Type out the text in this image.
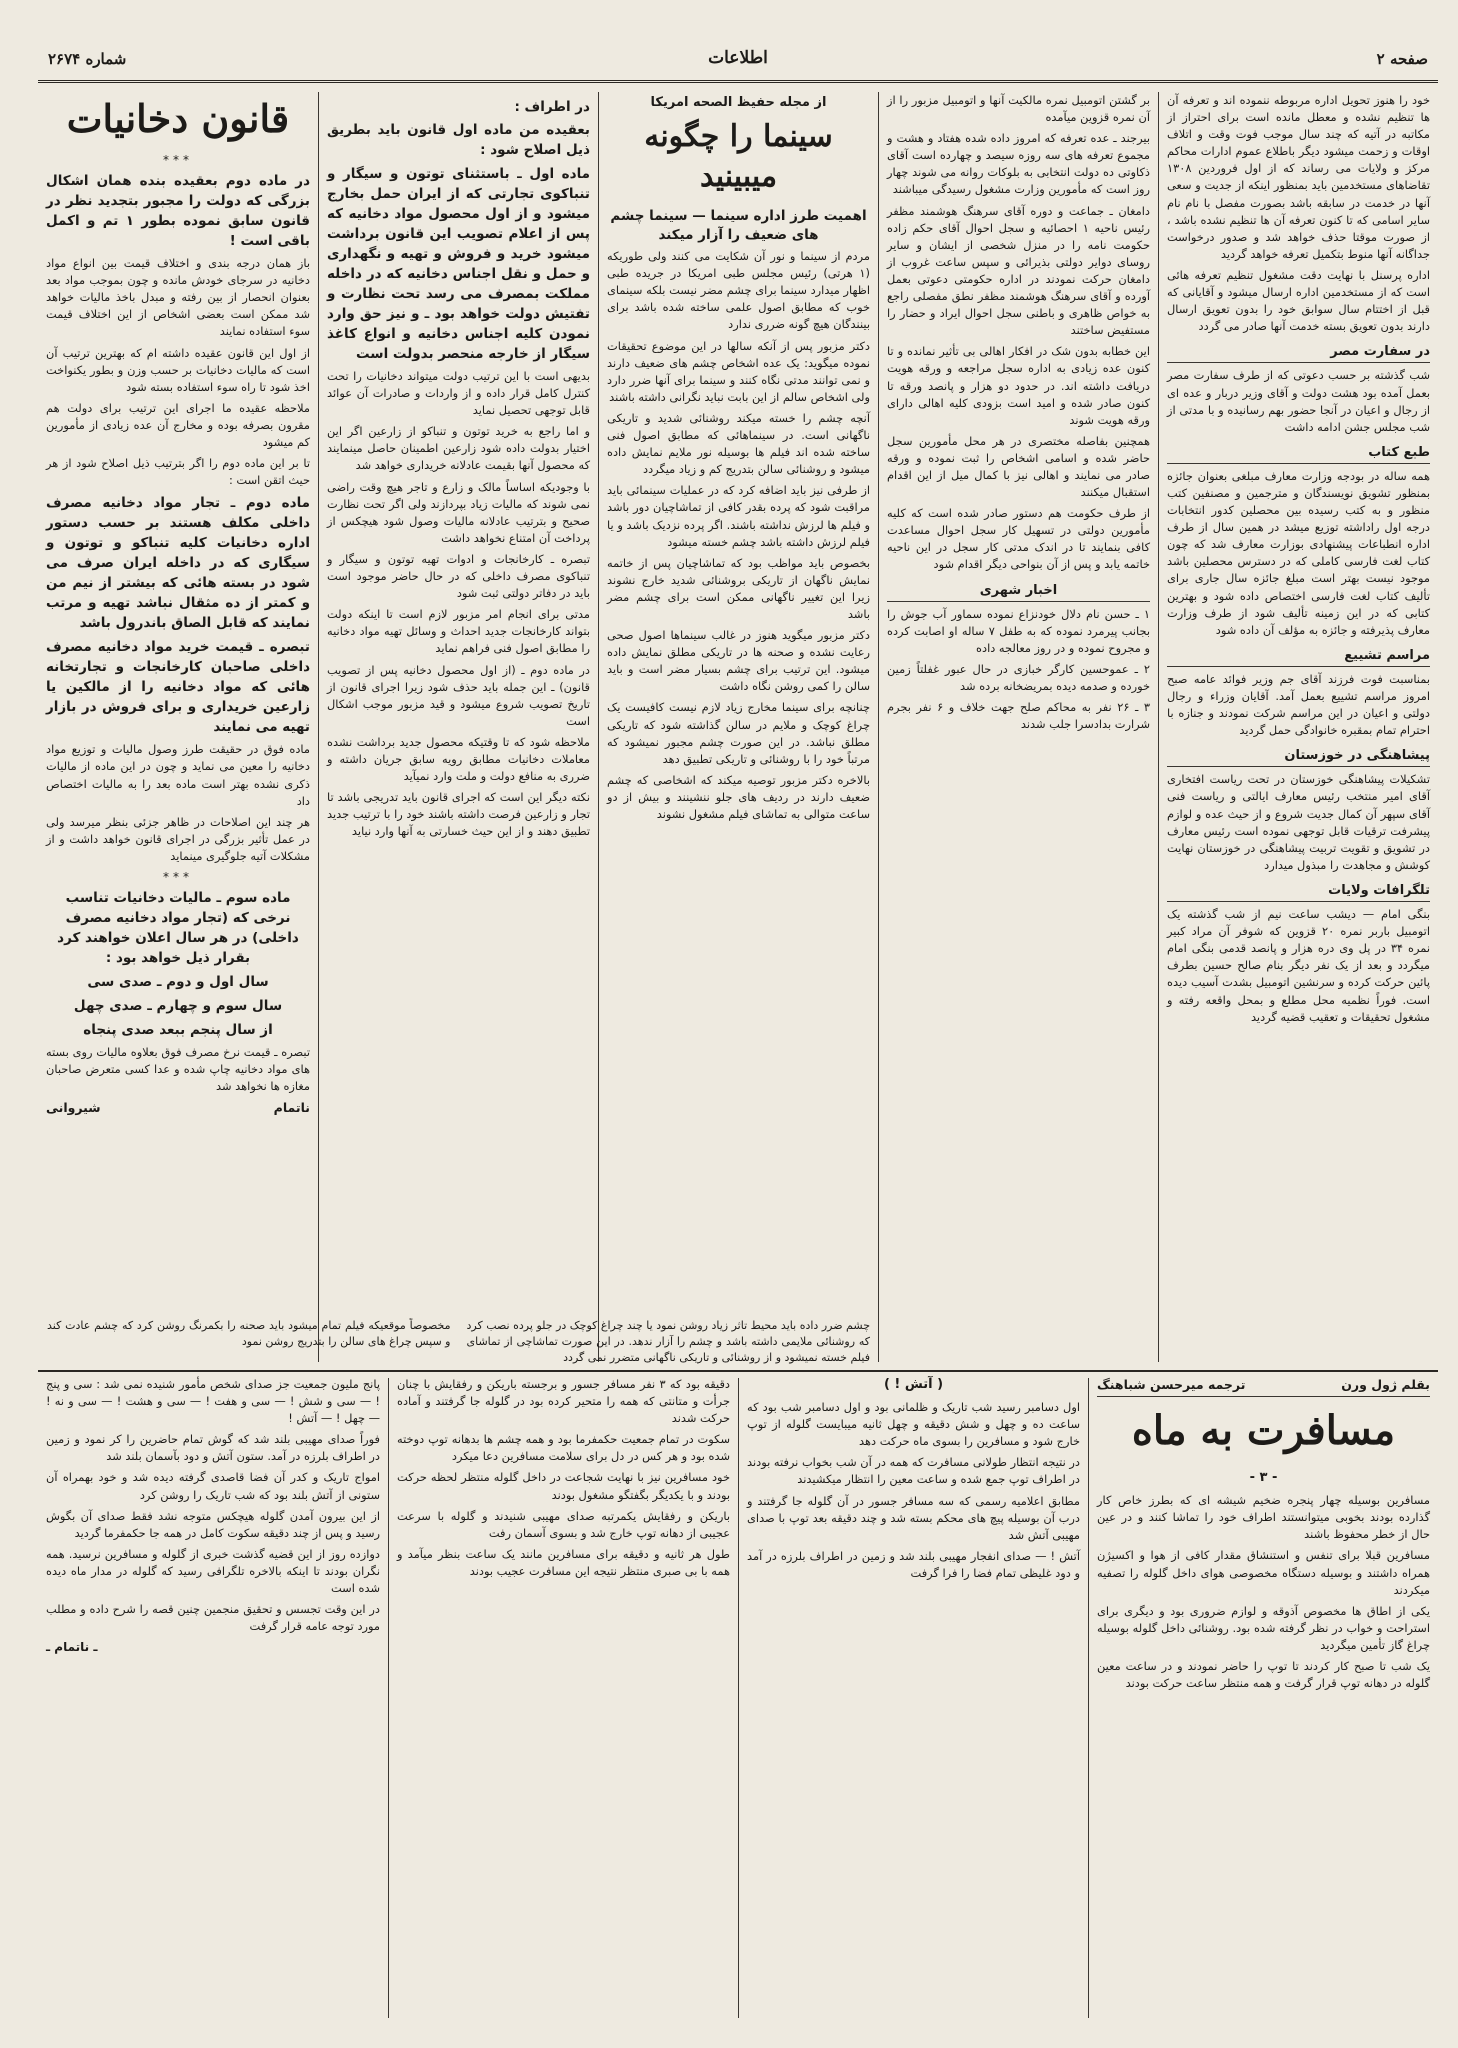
صفحه ۲
اطلاعات
شماره ۲۶۷۴

خود را هنوز تحویل اداره مربوطه ننموده اند و تعرفه آن ها تنظیم نشده و معطل مانده است برای احتراز از مکاتبه در آتیه که چند سال موجب فوت وقت و اتلاف اوقات و زحمت میشود دیگر باطلاع عموم ادارات محاکم مرکز و ولایات می رساند که از اول فروردین ۱۳۰۸ تقاضاهای مستخدمین باید بمنظور اینکه از جدیت و سعی آنها در خدمت در سابقه باشد بصورت مفصل با نام نام سایر اسامی که تا کنون تعرفه آن ها تنظیم نشده باشد ، از صورت موقتا حذف خواهد شد و صدور درخواست جداگانه آنها منوط بتکمیل تعرفه خواهد گردید

اداره پرسنل با نهایت دقت مشغول تنظیم تعرفه هائی است که از مستخدمین اداره ارسال میشود و آقایانی که قبل از اختتام سال سوابق خود را بدون تعویق ارسال دارند بدون تعویق بسته خدمت آنها صادر می گردد

در سفارت مصر

شب گذشته بر حسب دعوتی که از طرف سفارت مصر بعمل آمده بود هشت دولت و آقای وزیر دربار و عده ای از رجال و اعیان در آنجا حضور بهم رسانیده و با مدتی از شب مجلس جشن ادامه داشت

طبع کتاب

همه ساله در بودجه وزارت معارف مبلغی بعنوان جائزه بمنظور تشویق نویسندگان و مترجمین و مصنفین کتب منظور و به کتب رسیده بین محصلین کدور انتخابات درجه اول راداشته توزیع میشد در همین سال از طرف اداره انطباعات پیشنهادی بوزارت معارف شد که چون کتاب لغت فارسی کاملی که در دسترس محصلین باشد موجود نیست بهتر است مبلغ جائزه سال جاری برای تألیف کتاب لغت فارسی اختصاص داده شود و بهترین کتابی که در این زمینه تألیف شود از طرف وزارت معارف پذیرفته و جائزه به مؤلف آن داده شود

مراسم تشییع

بمناسبت فوت فرزند آقای جم وزیر فوائد عامه صبح امروز مراسم تشییع بعمل آمد. آقایان وزراء و رجال دولتی و اعیان در این مراسم شرکت نمودند و جنازه با احترام تمام بمقبره خانوادگی حمل گردید

پیشاهنگی در خوزستان

تشکیلات پیشاهنگی خوزستان در تحت ریاست افتخاری آقای امیر منتخب رئیس معارف ایالتی و ریاست فنی آقای سپهر آن کمال جدیت شروع و از حیث عده و لوازم پیشرفت ترقیات قابل توجهی نموده است رئیس معارف در تشویق و تقویت تربیت پیشاهنگی در خوزستان نهایت کوشش و مجاهدت را مبذول میدارد

تلگرافات ولایات

بنگی امام — دیشب ساعت نیم از شب گذشته یک اتومبیل باربر نمره ۲۰ قزوین که شوفر آن مراد کبیر نمره ۳۴ در پل وی دره هزار و پانصد قدمی بنگی امام میگردد و بعد از یک نفر دیگر بنام صالح حسین بطرف پائین حرکت کرده و سرنشین اتومبیل بشدت آسیب دیده است. فوراً نظمیه محل مطلع و بمحل واقعه رفته و مشغول تحقیقات و تعقیب قضیه گردید

بر گشتن اتومبیل نمره مالکیت آنها و اتومبیل مزبور را از آن نمره قزوین میآمده

بیرجند ـ عده تعرفه که امروز داده شده هفتاد و هشت و مجموع تعرفه های سه روزه سیصد و چهارده است آقای ذکاوتی ده دولت انتخابی به بلوکات روانه می شوند چهار روز است که مأمورین وزارت مشغول رسیدگی میباشند

دامغان ـ جماعت و دوره آقای سرهنگ هوشمند مظفر رئیس ناحیه ۱ احصائیه و سجل احوال آقای حکم زاده حکومت نامه را در منزل شخصی از ایشان و سایر روسای دوایر دولتی بذیرائی و سپس ساعت غروب از دامغان حرکت نمودند در اداره حکومتی دعوتی بعمل آورده و آقای سرهنگ هوشمند مظفر نطق مفصلی راجع به خواص ظاهری و باطنی سجل احوال ایراد و حضار را مستفیض ساختند

این خطابه بدون شک در افکار اهالی بی تأثیر نمانده و تا کنون عده زیادی به اداره سجل مراجعه و ورقه هویت دریافت داشته اند. در حدود دو هزار و پانصد ورقه تا کنون صادر شده و امید است بزودی کلیه اهالی دارای ورقه هویت شوند

همچنین بفاصله مختصری در هر محل مأمورین سجل حاضر شده و اسامی اشخاص را ثبت نموده و ورقه صادر می نمایند و اهالی نیز با کمال میل از این اقدام استقبال میکنند

از طرف حکومت هم دستور صادر شده است که کلیه مأمورین دولتی در تسهیل کار سجل احوال مساعدت کافی بنمایند تا در اندک مدتی کار سجل در این ناحیه خاتمه یابد و پس از آن بنواحی دیگر اقدام شود

اخبار شهری

۱ ـ حسن نام دلال خودنزاع نموده سماور آب جوش را بجانب پیرمرد نموده که به طفل ۷ ساله او اصابت کرده و مجروح نموده و در روز معالجه داده

۲ ـ عموحسین کارگر خبازی در حال عبور غفلتاً زمین خورده و صدمه دیده بمریضخانه برده شد

۳ ـ ۲۶ نفر به محاکم صلح جهت خلاف و ۶ نفر بجرم شرارت بدادسرا جلب شدند

از مجله حفیظ الصحه امریکا
سینما را چگونه میبینید
اهمیت طرز اداره سینما — سینما چشم های ضعیف را آزار میکند

مردم از سینما و نور آن شکایت می کنند ولی طوریکه (۱ هرتی) رئیس مجلس طبی امریکا در جریده طبی اظهار میدارد سینما برای چشم مضر نیست بلکه سینمای خوب که مطابق اصول علمی ساخته شده باشد برای بینندگان هیچ گونه ضرری ندارد

دکتر مزبور پس از آنکه سالها در این موضوع تحقیقات نموده میگوید: یک عده اشخاص چشم های ضعیف دارند و نمی توانند مدتی نگاه کنند و سینما برای آنها ضرر دارد ولی اشخاص سالم از این بابت نباید نگرانی داشته باشند

آنچه چشم را خسته میکند روشنائی شدید و تاریکی ناگهانی است. در سینماهائی که مطابق اصول فنی ساخته شده اند فیلم ها بوسیله نور ملایم نمایش داده میشود و روشنائی سالن بتدریج کم و زیاد میگردد

از طرفی نیز باید اضافه کرد که در عملیات سینمائی باید مراقبت شود که پرده بقدر کافی از تماشاچیان دور باشد و فیلم ها لرزش نداشته باشند. اگر پرده نزدیک باشد و یا فیلم لرزش داشته باشد چشم خسته میشود

بخصوص باید مواظب بود که تماشاچیان پس از خاتمه نمایش ناگهان از تاریکی بروشنائی شدید خارج نشوند زیرا این تغییر ناگهانی ممکن است برای چشم مضر باشد

دکتر مزبور میگوید هنوز در غالب سینماها اصول صحی رعایت نشده و صحنه ها در تاریکی مطلق نمایش داده میشود. این ترتیب برای چشم بسیار مضر است و باید سالن را کمی روشن نگاه داشت

چنانچه برای سینما مخارج زیاد لازم نیست کافیست یک چراغ کوچک و ملایم در سالن گذاشته شود که تاریکی مطلق نباشد. در این صورت چشم مجبور نمیشود که مرتباً خود را با روشنائی و تاریکی تطبیق دهد

بالاخره دکتر مزبور توصیه میکند که اشخاصی که چشم ضعیف دارند در ردیف های جلو ننشینند و بیش از دو ساعت متوالی به تماشای فیلم مشغول نشوند

در اطراف :

بعقیده من ماده اول قانون باید بطریق ذیل اصلاح شود :

ماده اول ـ باستثنای توتون و سیگار و تنباکوی تجارتی که از ایران حمل بخارج میشود و از اول محصول مواد دخانیه که پس از اعلام تصویب این قانون برداشت میشود خرید و فروش و تهیه و نگهداری و حمل و نقل اجناس دخانیه که در داخله مملکت بمصرف می رسد تحت نظارت و تفتیش دولت خواهد بود ـ و نیز حق وارد نمودن کلیه اجناس دخانیه و انواع کاغذ سیگار از خارجه منحصر بدولت است

بدیهی است با این ترتیب دولت میتواند دخانیات را تحت کنترل کامل قرار داده و از واردات و صادرات آن عوائد قابل توجهی تحصیل نماید

و اما راجع به خرید توتون و تنباکو از زارعین اگر این اختیار بدولت داده شود زارعین اطمینان حاصل مینمایند که محصول آنها بقیمت عادلانه خریداری خواهد شد

با وجودیکه اساساً مالک و زارع و تاجر هیچ وقت راضی نمی شوند که مالیات زیاد بپردازند ولی اگر تحت نظارت صحیح و بترتیب عادلانه مالیات وصول شود هیچکس از پرداخت آن امتناع نخواهد داشت

تبصره ـ کارخانجات و ادوات تهیه توتون و سیگار و تنباکوی مصرف داخلی که در حال حاضر موجود است باید در دفاتر دولتی ثبت شود

مدتی برای انجام امر مزبور لازم است تا اینکه دولت بتواند کارخانجات جدید احداث و وسائل تهیه مواد دخانیه را مطابق اصول فنی فراهم نماید

در ماده دوم ـ (از اول محصول دخانیه پس از تصویب قانون) ـ این جمله باید حذف شود زیرا اجرای قانون از تاریخ تصویب شروع میشود و قید مزبور موجب اشکال است

ملاحظه شود که تا وقتیکه محصول جدید برداشت نشده معاملات دخانیات مطابق رویه سابق جریان داشته و ضرری به منافع دولت و ملت وارد نمیآید

نکته دیگر این است که اجرای قانون باید تدریجی باشد تا تجار و زارعین فرصت داشته باشند خود را با ترتیب جدید تطبیق دهند و از این حیث خسارتی به آنها وارد نیاید

قانون دخانیات
***

در ماده دوم بعقیده بنده همان اشکال بزرگی که دولت را مجبور بتجدید نظر در قانون سابق نموده بطور ۱ تم و اکمل باقی است !

باز همان درجه بندی و اختلاف قیمت بین انواع مواد دخانیه در سرجای خودش مانده و چون بموجب مواد بعد بعنوان انحصار از بین رفته و مبدل باخذ مالیات خواهد شد ممکن است بعضی اشخاص از این اختلاف قیمت سوء استفاده نمایند

از اول این قانون عقیده داشته ام که بهترین ترتیب آن است که مالیات دخانیات بر حسب وزن و بطور یکنواخت اخذ شود تا راه سوء استفاده بسته شود

ملاحظه عقیده ما اجرای این ترتیب برای دولت هم مقرون بصرفه بوده و مخارج آن عده زیادی از مأمورین کم میشود

تا بر این ماده دوم را اگر بترتیب ذیل اصلاح شود از هر حیث اتقن است :

ماده دوم ـ تجار مواد دخانیه مصرف داخلی مکلف هستند بر حسب دستور اداره دخانیات کلیه تنباکو و توتون و سیگاری که در داخله ایران صرف می شود در بسته هائی که بیشتر از نیم من و کمتر از ده مثقال نباشد تهیه و مرتب نمایند که قابل الصاق باندرول باشد

تبصره ـ قیمت خرید مواد دخانیه مصرف داخلی صاحبان کارخانجات و تجارتخانه هائی که مواد دخانیه را از مالکین یا زارعین خریداری و برای فروش در بازار تهیه می نمایند

ماده فوق در حقیقت طرز وصول مالیات و توزیع مواد دخانیه را معین می نماید و چون در این ماده از مالیات ذکری نشده بهتر است ماده بعد را به مالیات اختصاص داد

هر چند این اصلاحات در ظاهر جزئی بنظر میرسد ولی در عمل تأثیر بزرگی در اجرای قانون خواهد داشت و از مشکلات آتیه جلوگیری مینماید

***

ماده سوم ـ مالیات دخانیات تناسب نرخی که (تجار مواد دخانیه مصرف داخلی) در هر سال اعلان خواهند کرد بقرار ذیل خواهد بود :

سال اول و دوم ـ صدی سی

سال سوم و چهارم ـ صدی چهل

از سال پنجم ببعد صدی پنجاه

تبصره ـ قیمت نرخ مصرف فوق بعلاوه مالیات روی بسته های مواد دخانیه چاپ شده و عدا کسی متعرض صاحبان مغازه ها نخواهد شد

ناتمام
شیروانی

چشم ضرر داده باید محیط تاثر زیاد روشن نمود یا چند چراغ کوچک در جلو پرده نصب کرد که روشنائی ملایمی داشته باشد و چشم را آزار ندهد. در این صورت تماشاچی از تماشای فیلم خسته نمیشود و از روشنائی و تاریکی ناگهانی متضرر نمی گردد

مخصوصاً موقعیکه فیلم تمام میشود باید صحنه را بکمرنگ روشن کرد که چشم عادت کند و سپس چراغ های سالن را بتدریج روشن نمود

بقلم ژول ورن
ترجمه میرحسن شباهنگ
مسافرت به ماه
- ۳ -

مسافرین بوسیله چهار پنجره ضخیم شیشه ای که بطرز خاص کار گذارده بودند بخوبی میتوانستند اطراف خود را تماشا کنند و در عین حال از خطر محفوظ باشند

مسافرین قبلا برای تنفس و استنشاق مقدار کافی از هوا و اکسیژن همراه داشتند و بوسیله دستگاه مخصوصی هوای داخل گلوله را تصفیه میکردند

یکی از اطاق ها مخصوص آذوقه و لوازم ضروری بود و دیگری برای استراحت و خواب در نظر گرفته شده بود. روشنائی داخل گلوله بوسیله چراغ گاز تأمین میگردید

یک شب تا صبح کار کردند تا توپ را حاضر نمودند و در ساعت معین گلوله در دهانه توپ قرار گرفت و همه منتظر ساعت حرکت بودند

( آتش ! )

اول دسامبر رسید شب تاریک و ظلمانی بود و اول دسامبر شب بود که ساعت ده و چهل و شش دقیقه و چهل ثانیه میبایست گلوله از توپ خارج شود و مسافرین را بسوی ماه حرکت دهد

در نتیجه انتظار طولانی مسافرت که همه در آن شب بخواب نرفته بودند در اطراف توپ جمع شده و ساعت معین را انتظار میکشیدند

مطابق اعلامیه رسمی که سه مسافر جسور در آن گلوله جا گرفتند و درب آن بوسیله پیچ های محکم بسته شد و چند دقیقه بعد توپ با صدای مهیبی آتش شد

آتش ! — صدای انفجار مهیبی بلند شد و زمین در اطراف بلرزه در آمد و دود غلیظی تمام فضا را فرا گرفت

دقیقه بود که ۳ نفر مسافر جسور و برجسته باریکن و رفقایش با چنان جرأت و متانتی که همه را متحیر کرده بود در گلوله جا گرفتند و آماده حرکت شدند

سکوت در تمام جمعیت حکمفرما بود و همه چشم ها بدهانه توپ دوخته شده بود و هر کس در دل برای سلامت مسافرین دعا میکرد

خود مسافرین نیز با نهایت شجاعت در داخل گلوله منتظر لحظه حرکت بودند و با یکدیگر بگفتگو مشغول بودند

باریکن و رفقایش یکمرتبه صدای مهیبی شنیدند و گلوله با سرعت عجیبی از دهانه توپ خارج شد و بسوی آسمان رفت

طول هر ثانیه و دقیقه برای مسافرین مانند یک ساعت بنظر میآمد و همه با بی صبری منتظر نتیجه این مسافرت عجیب بودند

پانج ملیون جمعیت جز صدای شخص مأمور شنیده نمی شد : سی و پنج ! — سی و شش ! — سی و هفت ! — سی و هشت ! — سی و نه ! — چهل ! — آتش !

فوراً صدای مهیبی بلند شد که گوش تمام حاضرین را کر نمود و زمین در اطراف بلرزه در آمد. ستون آتش و دود بآسمان بلند شد

امواج تاریک و کدر آن فضا قاصدی گرفته دیده شد و خود بهمراه آن ستونی از آتش بلند بود که شب تاریک را روشن کرد

از این بیرون آمدن گلوله هیچکس متوجه نشد فقط صدای آن بگوش رسید و پس از چند دقیقه سکوت کامل در همه جا حکمفرما گردید

دوازده روز از این قضیه گذشت خبری از گلوله و مسافرین نرسید. همه نگران بودند تا اینکه بالاخره تلگرافی رسید که گلوله در مدار ماه دیده شده است

در این وقت تجسس و تحقیق منجمین چنین قصه را شرح داده و مطلب مورد توجه عامه قرار گرفت

ـ ناتمام ـ
